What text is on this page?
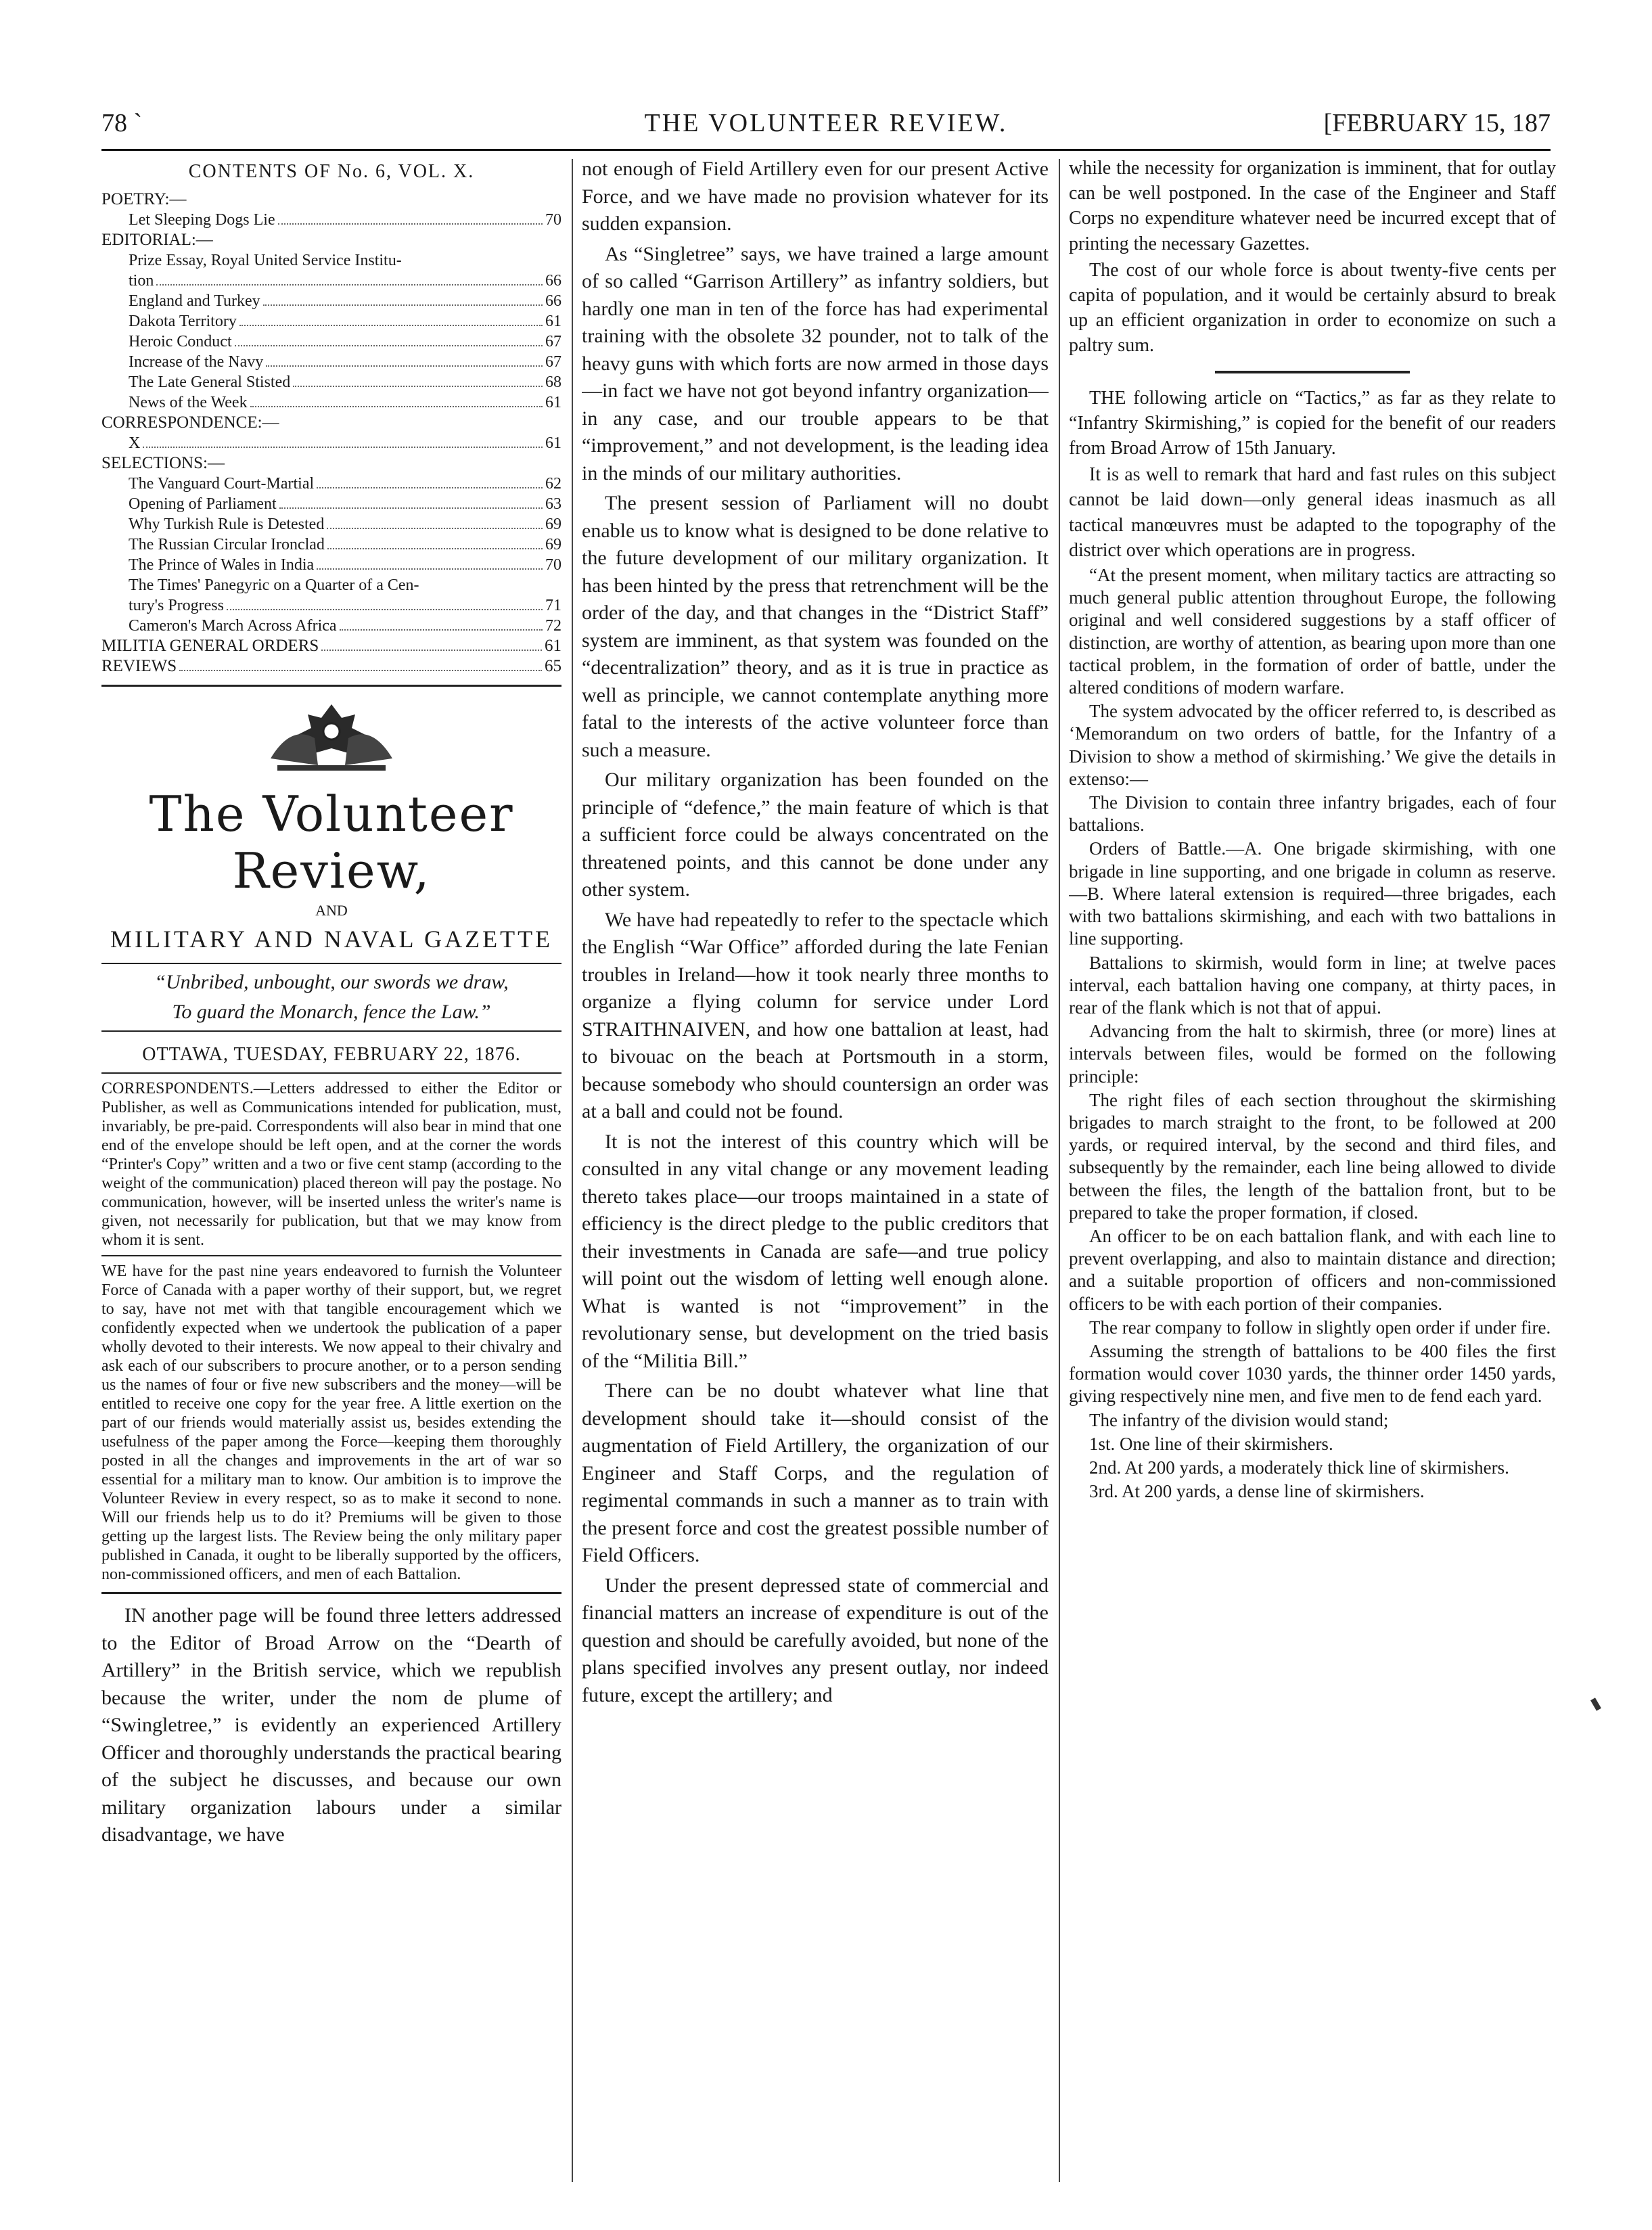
78 `	THE VOLUNTEER REVIEW.	[FEBRUARY 15, 187
CONTENTS OF No. 6, VOL. X.
POETRY:—
Let Sleeping Dogs Lie	70
EDITORIAL:—
Prize Essay, Royal United Service Institu-
tion	66
England and Turkey	66
Dakota Territory	61
Heroic Conduct	67
Increase of the Navy	67
The Late General Stisted	68
News of the Week	61
CORRESPONDENCE:—
X	61
SELECTIONS:—
The Vanguard Court-Martial	62
Opening of Parliament	63
Why Turkish Rule is Detested	69
The Russian Circular Ironclad	69
The Prince of Wales in India	70
The Times' Panegyric on a Quarter of a Cen-
tury's Progress	71
Cameron's March Across Africa	72
MILITIA GENERAL ORDERS	61
REVIEWS	65
The Volunteer Review,
AND
MILITARY AND NAVAL GAZETTE
“Unbribed, unbought, our swords we draw,
To guard the Monarch, fence the Law.”
OTTAWA, TUESDAY, FEBRUARY 22, 1876.

CORRESPONDENTS.—Letters addressed to either the Editor or Publisher, as well as Communications intended for publication, must, invariably, be pre-paid. Correspondents will also bear in mind that one end of the envelope should be left open, and at the corner the words “Printer's Copy” written and a two or five cent stamp (according to the weight of the communication) placed thereon will pay the postage. No communication, however, will be inserted unless the writer's name is given, not necessarily for publication, but that we may know from whom it is sent.

WE have for the past nine years endeavored to furnish the Volunteer Force of Canada with a paper worthy of their support, but, we regret to say, have not met with that tangible encouragement which we confidently expected when we undertook the publication of a paper wholly devoted to their interests. We now appeal to their chivalry and ask each of our subscribers to procure another, or to a person sending us the names of four or five new subscribers and the money—will be entitled to receive one copy for the year free. A little exertion on the part of our friends would materially assist us, besides extending the usefulness of the paper among the Force—keeping them thoroughly posted in all the changes and improvements in the art of war so essential for a military man to know. Our ambition is to improve the Volunteer Review in every respect, so as to make it second to none. Will our friends help us to do it? Premiums will be given to those getting up the largest lists. The Review being the only military paper published in Canada, it ought to be liberally supported by the officers, non-commissioned officers, and men of each Battalion.

IN another page will be found three letters addressed to the Editor of Broad Arrow on the “Dearth of Artillery” in the British service, which we republish because the writer, under the nom de plume of “Swingletree,” is evidently an experienced Artillery Officer and thoroughly understands the practical bearing of the subject he discusses, and because our own military organization labours under a similar disadvantage, we have

not enough of Field Artillery even for our present Active Force, and we have made no provision whatever for its sudden expansion.

As “Singletree” says, we have trained a large amount of so called “Garrison Artillery” as infantry soldiers, but hardly one man in ten of the force has had experimental training with the obsolete 32 pounder, not to talk of the heavy guns with which forts are now armed in those days—in fact we have not got beyond infantry organization—in any case, and our trouble appears to be that “improvement,” and not development, is the leading idea in the minds of our military authorities.

The present session of Parliament will no doubt enable us to know what is designed to be done relative to the future development of our military organization. It has been hinted by the press that retrenchment will be the order of the day, and that changes in the “District Staff” system are imminent, as that system was founded on the “decentralization” theory, and as it is true in practice as well as principle, we cannot contemplate anything more fatal to the interests of the active volunteer force than such a measure.

Our military organization has been founded on the principle of “defence,” the main feature of which is that a sufficient force could be always concentrated on the threatened points, and this cannot be done under any other system.

We have had repeatedly to refer to the spectacle which the English “War Office” afforded during the late Fenian troubles in Ireland—how it took nearly three months to organize a flying column for service under Lord STRAITHNAIVEN, and how one battalion at least, had to bivouac on the beach at Portsmouth in a storm, because somebody who should countersign an order was at a ball and could not be found.

It is not the interest of this country which will be consulted in any vital change or any movement leading thereto takes place—our troops maintained in a state of efficiency is the direct pledge to the public creditors that their investments in Canada are safe—and true policy will point out the wisdom of letting well enough alone. What is wanted is not “improvement” in the revolutionary sense, but development on the tried basis of the “Militia Bill.”

There can be no doubt whatever what line that development should take it—should consist of the augmentation of Field Artillery, the organization of our Engineer and Staff Corps, and the regulation of regimental commands in such a manner as to train with the present force and cost the greatest possible number of Field Officers.

Under the present depressed state of commercial and financial matters an increase of expenditure is out of the question and should be carefully avoided, but none of the plans specified involves any present outlay, nor indeed future, except the artillery; and

while the necessity for organization is imminent, that for outlay can be well postponed. In the case of the Engineer and Staff Corps no expenditure whatever need be incurred except that of printing the necessary Gazettes.

The cost of our whole force is about twenty-five cents per capita of population, and it would be certainly absurd to break up an efficient organization in order to economize on such a paltry sum.

THE following article on “Tactics,” as far as they relate to “Infantry Skirmishing,” is copied for the benefit of our readers from Broad Arrow of 15th January.

It is as well to remark that hard and fast rules on this subject cannot be laid down—only general ideas inasmuch as all tactical manœuvres must be adapted to the topography of the district over which operations are in progress.

“At the present moment, when military tactics are attracting so much general public attention throughout Europe, the following original and well considered suggestions by a staff officer of distinction, are worthy of attention, as bearing upon more than one tactical problem, in the formation of order of battle, under the altered conditions of modern warfare.

The system advocated by the officer referred to, is described as ‘Memorandum on two orders of battle, for the Infantry of a Division to show a method of skirmishing.’ We give the details in extenso:—

The Division to contain three infantry brigades, each of four battalions.

Orders of Battle.—A. One brigade skirmishing, with one brigade in line supporting, and one brigade in column as reserve.—B. Where lateral extension is required—three brigades, each with two battalions skirmishing, and each with two battalions in line supporting.

Battalions to skirmish, would form in line; at twelve paces interval, each battalion having one company, at thirty paces, in rear of the flank which is not that of appui.

Advancing from the halt to skirmish, three (or more) lines at intervals between files, would be formed on the following principle:

The right files of each section throughout the skirmishing brigades to march straight to the front, to be followed at 200 yards, or required interval, by the second and third files, and subsequently by the remainder, each line being allowed to divide between the files, the length of the battalion front, but to be prepared to take the proper formation, if closed.

An officer to be on each battalion flank, and with each line to prevent overlapping, and also to maintain distance and direction; and a suitable proportion of officers and non-commissioned officers to be with each portion of their companies.

The rear company to follow in slightly open order if under fire.

Assuming the strength of battalions to be 400 files the first formation would cover 1030 yards, the thinner order 1450 yards, giving respectively nine men, and five men to de fend each yard.

The infantry of the division would stand;

1st. One line of their skirmishers.

2nd. At 200 yards, a moderately thick line of skirmishers.

3rd. At 200 yards, a dense line of skirmishers.
